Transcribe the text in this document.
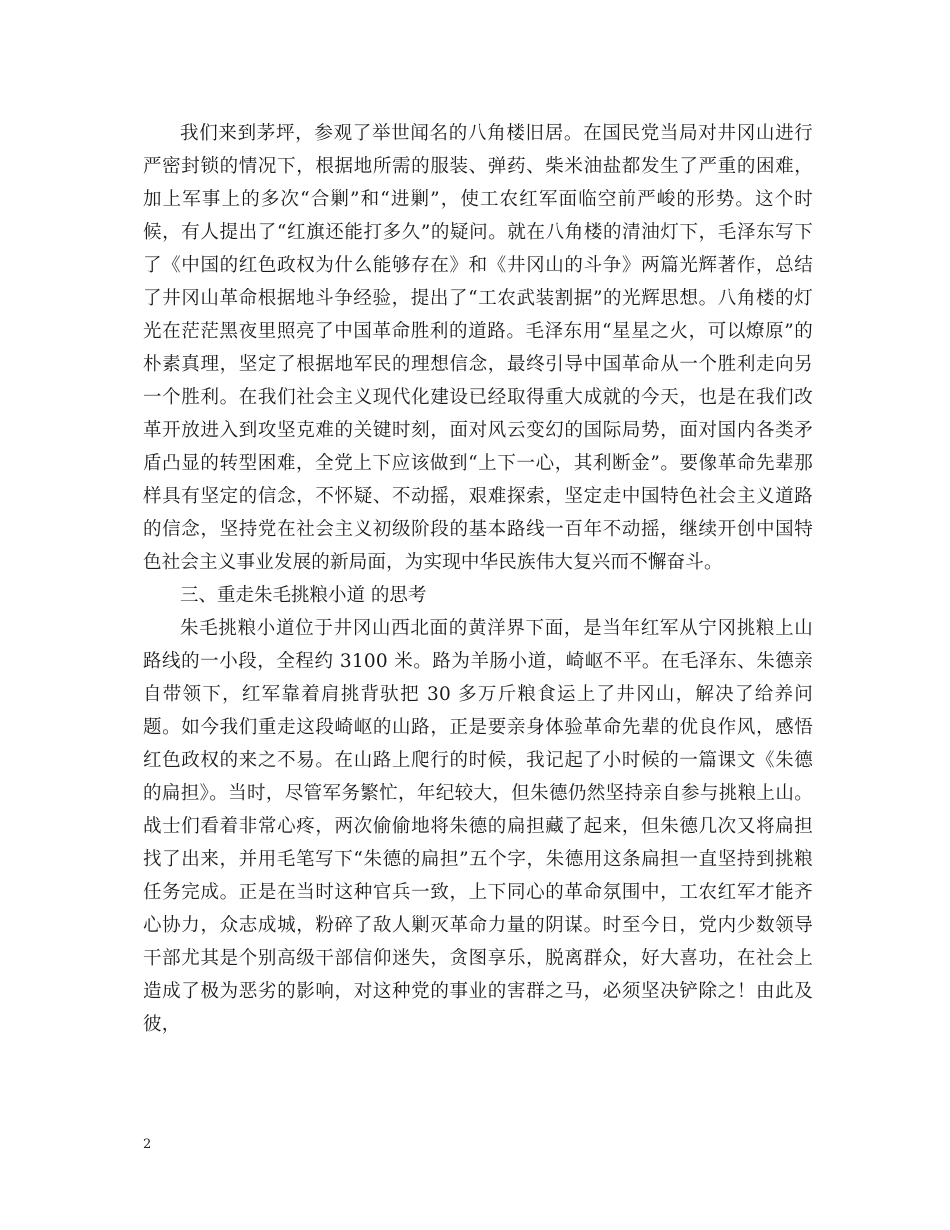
我们来到茅坪，参观了举世闻名的八角楼旧居。在国民党当局对井冈山进行严密封锁的情况下，根据地所需的服装、弹药、柴米油盐都发生了严重的困难，加上军事上的多次“合剿”和“进剿”，使工农红军面临空前严峻的形势。这个时候，有人提出了“红旗还能打多久”的疑问。就在八角楼的清油灯下，毛泽东写下了《中国的红色政权为什么能够存在》和《井冈山的斗争》两篇光辉著作，总结了井冈山革命根据地斗争经验，提出了“工农武装割据”的光辉思想。八角楼的灯光在茫茫黑夜里照亮了中国革命胜利的道路。毛泽东用“星星之火，可以燎原”的朴素真理，坚定了根据地军民的理想信念，最终引导中国革命从一个胜利走向另一个胜利。在我们社会主义现代化建设已经取得重大成就的今天，也是在我们改革开放进入到攻坚克难的关键时刻，面对风云变幻的国际局势，面对国内各类矛盾凸显的转型困难，全党上下应该做到“上下一心，其利断金”。要像革命先辈那样具有坚定的信念，不怀疑、不动摇，艰难探索，坚定走中国特色社会主义道路的信念，坚持党在社会主义初级阶段的基本路线一百年不动摇，继续开创中国特色社会主义事业发展的新局面，为实现中华民族伟大复兴而不懈奋斗。

三、重走朱毛挑粮小道 的思考

朱毛挑粮小道位于井冈山西北面的黄洋界下面，是当年红军从宁冈挑粮上山路线的一小段，全程约 3100 米。路为羊肠小道，崎岖不平。在毛泽东、朱德亲自带领下，红军靠着肩挑背驮把 30 多万斤粮食运上了井冈山，解决了给养问题。如今我们重走这段崎岖的山路，正是要亲身体验革命先辈的优良作风，感悟红色政权的来之不易。在山路上爬行的时候，我记起了小时候的一篇课文《朱德的扁担》。当时，尽管军务繁忙，年纪较大，但朱德仍然坚持亲自参与挑粮上山。战士们看着非常心疼，两次偷偷地将朱德的扁担藏了起来，但朱德几次又将扁担找了出来，并用毛笔写下“朱德的扁担”五个字，朱德用这条扁担一直坚持到挑粮任务完成。正是在当时这种官兵一致，上下同心的革命氛围中，工农红军才能齐心协力，众志成城，粉碎了敌人剿灭革命力量的阴谋。时至今日，党内少数领导干部尤其是个别高级干部信仰迷失，贪图享乐，脱离群众，好大喜功，在社会上造成了极为恶劣的影响，对这种党的事业的害群之马，必须坚决铲除之！由此及彼，

2
